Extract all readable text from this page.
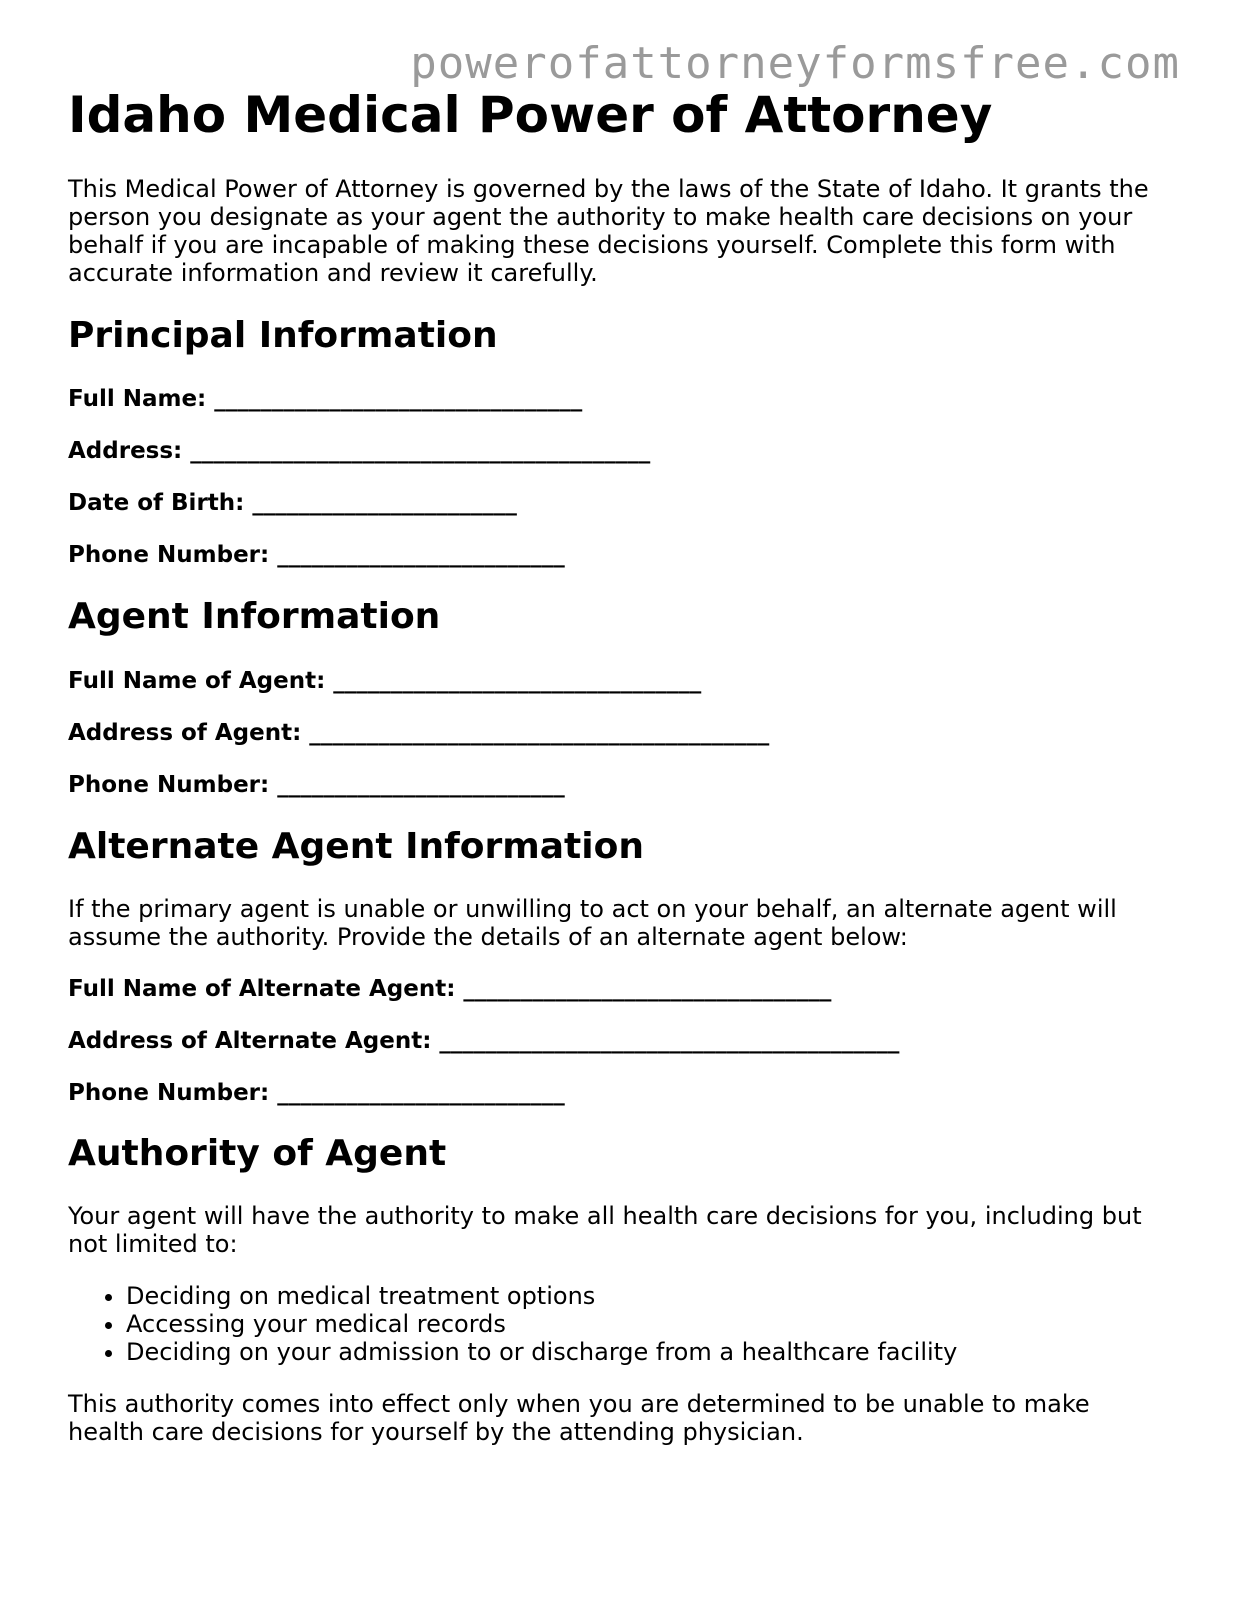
powerofattorneyformsfree.com
Idaho Medical Power of Attorney

This Medical Power of Attorney is governed by the laws of the State of Idaho. It grants the person you designate as your agent the authority to make health care decisions on your behalf if you are incapable of making these decisions yourself. Complete this form with accurate information and review it carefully.

Principal Information

Full Name: ________________________________

Address: ________________________________________

Date of Birth: _______________________

Phone Number: _________________________

Agent Information

Full Name of Agent: ________________________________

Address of Agent: ________________________________________

Phone Number: _________________________

Alternate Agent Information

If the primary agent is unable or unwilling to act on your behalf, an alternate agent will assume the authority. Provide the details of an alternate agent below:

Full Name of Alternate Agent: ________________________________

Address of Alternate Agent: ________________________________________

Phone Number: _________________________

Authority of Agent

Your agent will have the authority to make all health care decisions for you, including but not limited to:

• Deciding on medical treatment options
• Accessing your medical records
• Deciding on your admission to or discharge from a healthcare facility

This authority comes into effect only when you are determined to be unable to make health care decisions for yourself by the attending physician.
